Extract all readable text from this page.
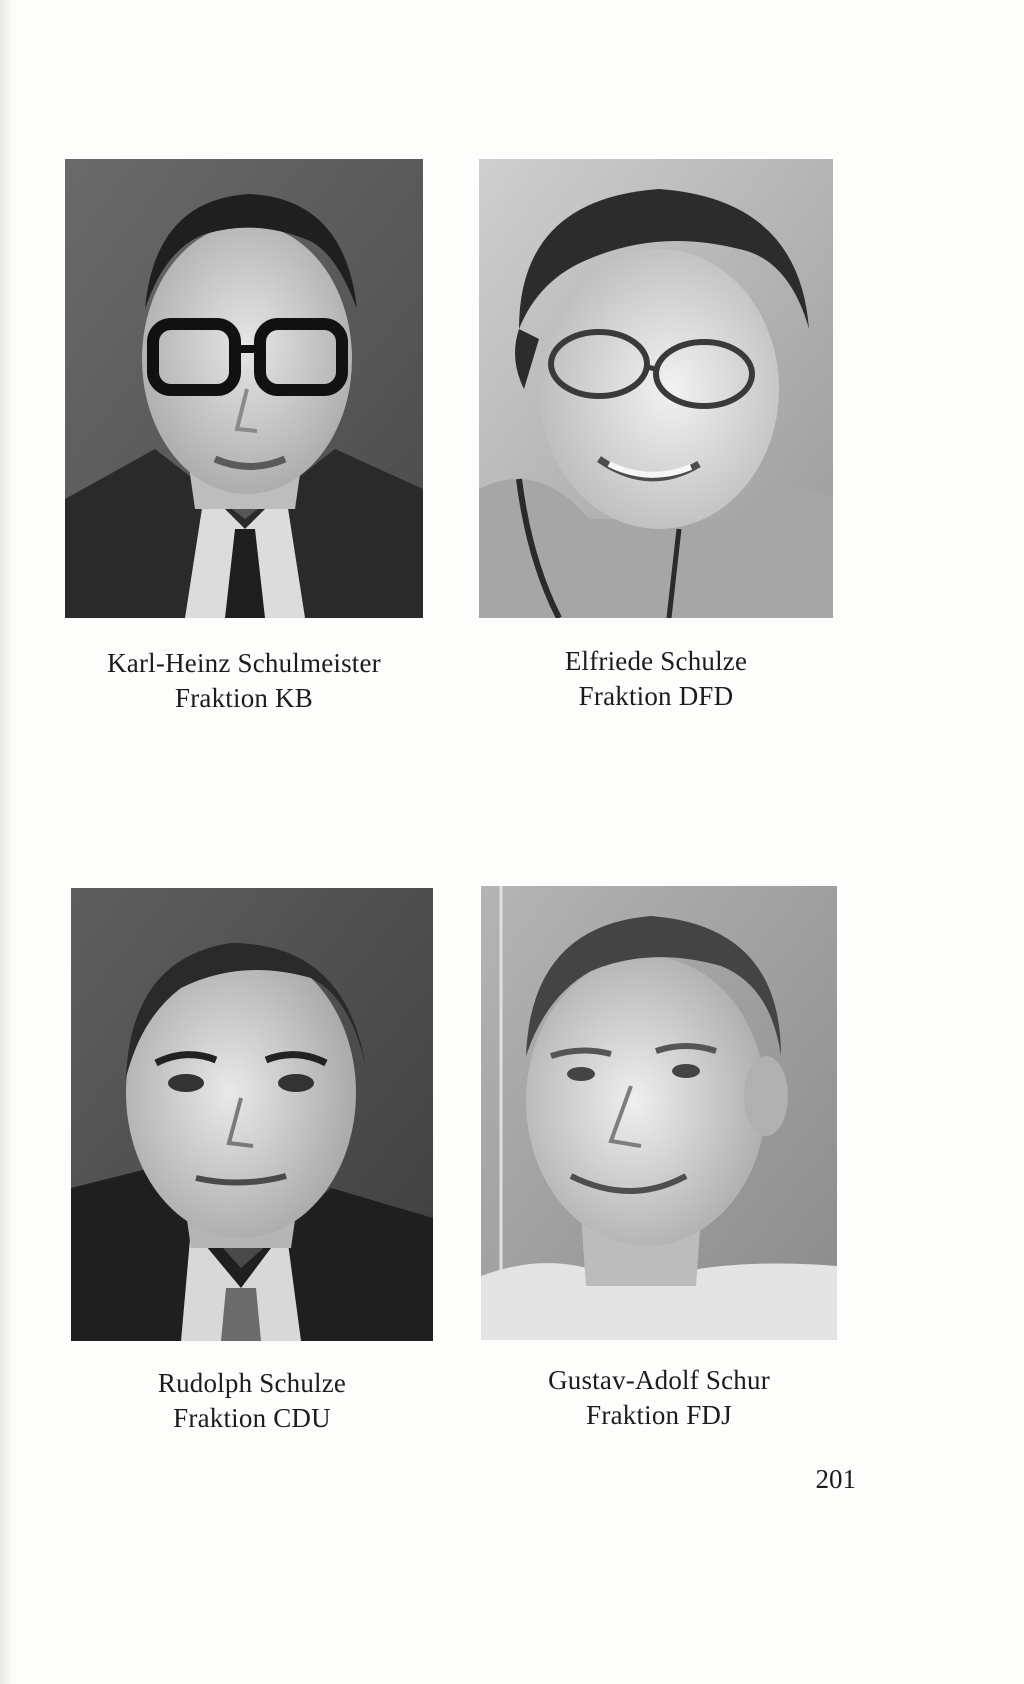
Karl-Heinz Schulmeister
Fraktion KB
Elfriede Schulze
Fraktion DFD
Rudolph Schulze
Fraktion CDU
Gustav-Adolf Schur
Fraktion FDJ
201
